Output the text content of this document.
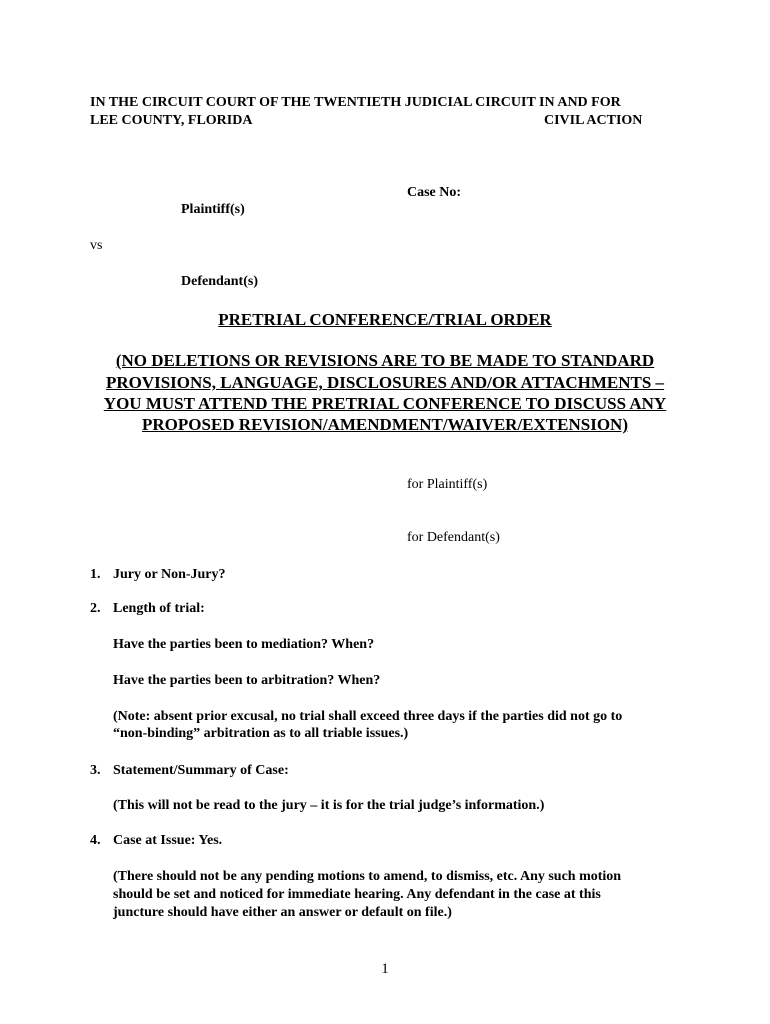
IN THE CIRCUIT COURT OF THE TWENTIETH JUDICIAL CIRCUIT IN AND FOR
LEE COUNTY, FLORIDA	CIVIL ACTION
Case No:
Plaintiff(s)
vs
Defendant(s)
PRETRIAL CONFERENCE/TRIAL ORDER
(NO DELETIONS OR REVISIONS ARE TO BE MADE TO STANDARD
PROVISIONS, LANGUAGE, DISCLOSURES AND/OR ATTACHMENTS –
YOU MUST ATTEND THE PRETRIAL CONFERENCE TO DISCUSS ANY
PROPOSED REVISION/AMENDMENT/WAIVER/EXTENSION)
for Plaintiff(s)
for Defendant(s)
1. Jury or Non-Jury?
2. Length of trial:
Have the parties been to mediation? When?
Have the parties been to arbitration? When?
(Note: absent prior excusal, no trial shall exceed three days if the parties did not go to
“non-binding” arbitration as to all triable issues.)
3. Statement/Summary of Case:
(This will not be read to the jury – it is for the trial judge’s information.)
4. Case at Issue: Yes.
(There should not be any pending motions to amend, to dismiss, etc. Any such motion
should be set and noticed for immediate hearing. Any defendant in the case at this
juncture should have either an answer or default on file.)
1
